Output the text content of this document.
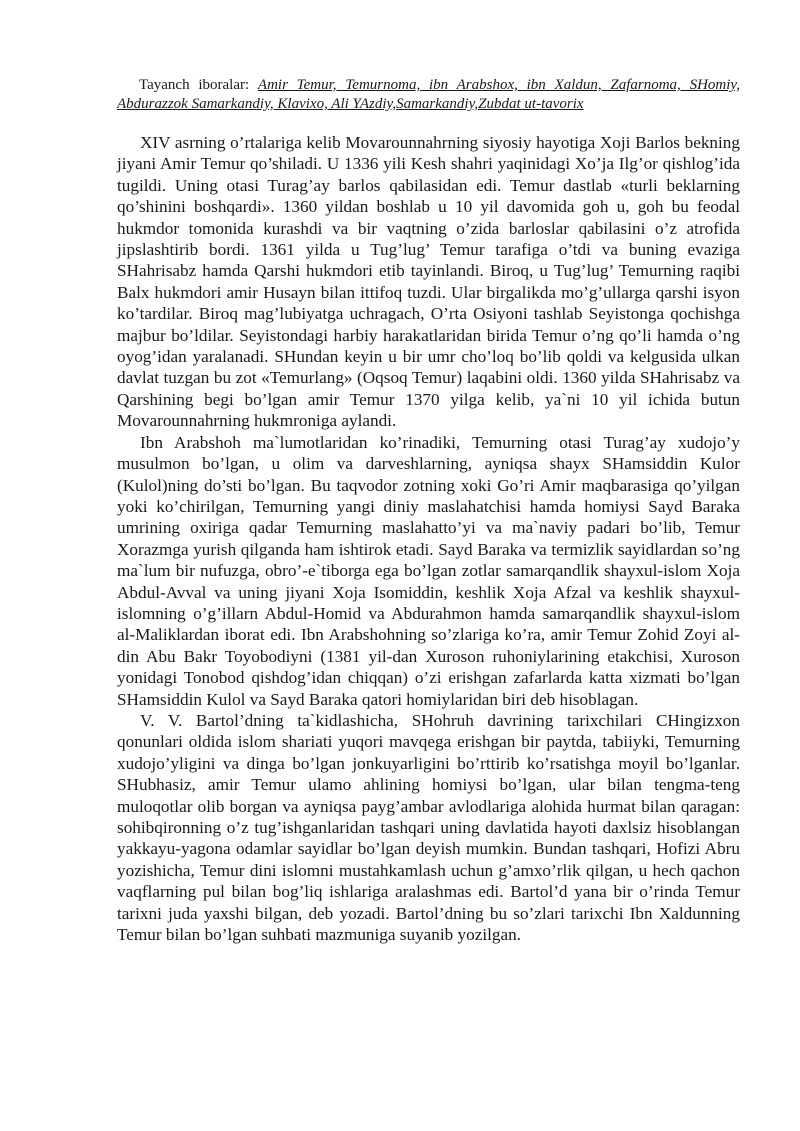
Tayanch iboralar: Amir Temur, Temurnoma, ibn Arabshox, ibn Xaldun, Zafarnoma, SHomiy, Abdurazzok Samarkandiy, Klavixo, Ali YAzdiy,Samarkandiy,Zubdat ut-tavorix

XIV asrning o’rtalariga kelib Movarounnahrning siyosiy hayotiga Xoji Barlos bekning jiyani Amir Temur qo’shiladi. U 1336 yili Kesh shahri yaqinidagi Xo’ja Ilg’or qishlog’ida tugildi. Uning otasi Turag’ay barlos qabilasidan edi. Temur dastlab «turli beklarning qo’shinini boshqardi». 1360 yildan boshlab u 10 yil davomida goh u, goh bu feodal hukmdor tomonida kurashdi va bir vaqtning o’zida barloslar qabilasini o’z atrofida jipslashtirib bordi. 1361 yilda u Tug’lug’ Temur tarafiga o’tdi va buning evaziga SHahrisabz hamda Qarshi hukmdori etib tayinlandi. Biroq, u Tug’lug’ Temurning raqibi Balx hukmdori amir Husayn bilan ittifoq tuzdi. Ular birgalikda mo’g’ullarga qarshi isyon ko’tardilar. Biroq mag’lubiyatga uchragach, O’rta Osiyoni tashlab Seyistonga qochishga majbur bo’ldilar. Seyistondagi harbiy harakatlaridan birida Temur o’ng qo’li hamda o’ng oyog’idan yaralanadi. SHundan keyin u bir umr cho’loq bo’lib qoldi va kelgusida ulkan davlat tuzgan bu zot «Temurlang» (Oqsoq Temur) laqabini oldi. 1360 yilda SHahrisabz va Qarshining begi bo’lgan amir Temur 1370 yilga kelib, ya`ni 10 yil ichida butun Movarounnahrning hukmroniga aylandi.

Ibn Arabshoh ma`lumotlaridan ko’rinadiki, Temurning otasi Turag’ay xudojo’y musulmon bo’lgan, u olim va darveshlarning, ayniqsa shayx SHamsiddin Kulor (Kulol)ning do’sti bo’lgan. Bu taqvodor zotning xoki Go’ri Amir maqbarasiga qo’yilgan yoki ko’chirilgan, Temurning yangi diniy maslahatchisi hamda homiysi Sayd Baraka umrining oxiriga qadar Temurning maslahatto’yi va ma`naviy padari bo’lib, Temur Xorazmga yurish qilganda ham ishtirok etadi. Sayd Baraka va termizlik sayidlardan so’ng ma`lum bir nufuzga, obro’-e`tiborga ega bo’lgan zotlar samarqandlik shayxul-islom Xoja Abdul-Avval va uning jiyani Xoja Isomiddin, keshlik Xoja Afzal va keshlik shayxul-islomning o’g’illarn Abdul-Homid va Abdurahmon hamda samarqandlik shayxul-islom al-Maliklardan iborat edi. Ibn Arabshohning so’zlariga ko’ra, amir Temur Zohid Zoyi al-din Abu Bakr Toyobodiyni (1381 yil-dan Xuroson ruhoniylarining etakchisi, Xuroson yonidagi Tonobod qishdog’idan chiqqan) o’zi erishgan zafarlarda katta xizmati bo’lgan SHamsiddin Kulol va Sayd Baraka qatori homiylaridan biri deb hisoblagan.

V. V. Bartol’dning ta`kidlashicha, SHohruh davrining tarixchilari CHingizxon qonunlari oldida islom shariati yuqori mavqega erishgan bir paytda, tabiiyki, Temurning xudojo’yligini va dinga bo’lgan jonkuyarligini bo’rttirib ko’rsatishga moyil bo’lganlar. SHubhasiz, amir Temur ulamo ahlining homiysi bo’lgan, ular bilan tengma-teng muloqotlar olib borgan va ayniqsa payg’ambar avlodlariga alohida hurmat bilan qaragan: sohibqironning o’z tug’ishganlaridan tashqari uning davlatida hayoti daxlsiz hisoblangan yakkayu-yagona odamlar sayidlar bo’lgan deyish mumkin. Bundan tashqari, Hofizi Abru yozishicha, Temur dini islomni mustahkamlash uchun g’amxo’rlik qilgan, u hech qachon vaqflarning pul bilan bog’liq ishlariga aralashmas edi. Bartol’d yana bir o’rinda Temur tarixni juda yaxshi bilgan, deb yozadi. Bartol’dning bu so’zlari tarixchi Ibn Xaldunning Temur bilan bo’lgan suhbati mazmuniga suyanib yozilgan.
